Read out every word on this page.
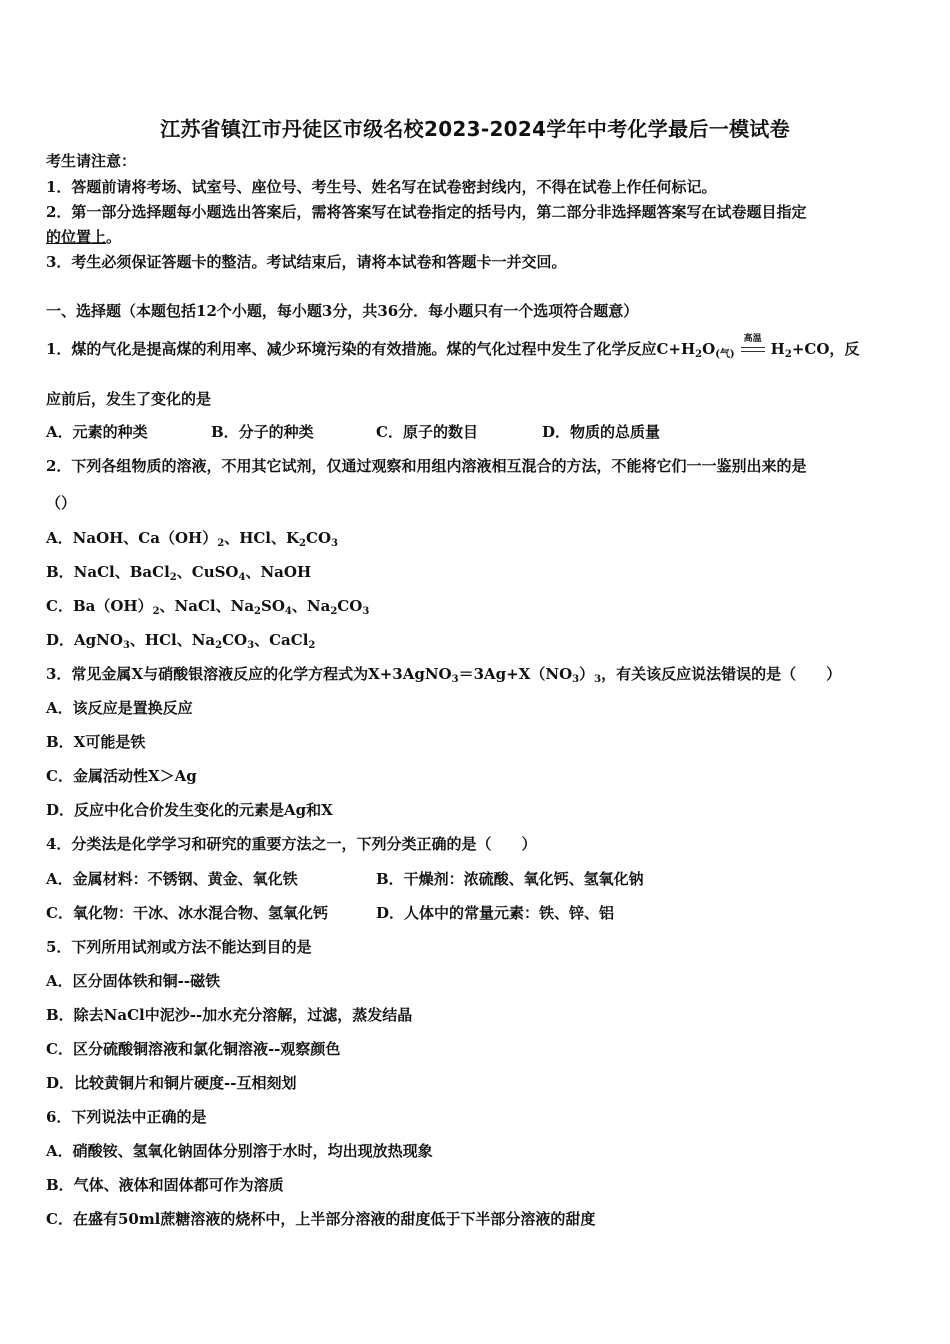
江苏省镇江市丹徒区市级名校2023-2024学年中考化学最后一模试卷
考生请注意：
1．答题前请将考场、试室号、座位号、考生号、姓名写在试卷密封线内，不得在试卷上作任何标记。
2．第一部分选择题每小题选出答案后，需将答案写在试卷指定的括号内，第二部分非选择题答案写在试卷题目指定
的位置上。
3．考生必须保证答题卡的整洁。考试结束后，请将本试卷和答题卡一并交回。
一、选择题（本题包括12个小题，每小题3分，共36分．每小题只有一个选项符合题意）
1．煤的气化是提高煤的利用率、减少环境污染的有效措施。煤的气化过程中发生了化学反应$C+H_2O_{(气)}$
高温
$H_2+CO$，反
应前后，发生了变化的是
A．元素的种类	B．分子的种类	C．原子的数目	D．物质的总质量
2．下列各组物质的溶液，不用其它试剂，仅通过观察和用组内溶液相互混合的方法，不能将它们一一鉴别出来的是
（）
A．NaOH、$Ca(OH)_2$、HCl、$K_2CO_3$
B．NaCl、BaCl$_2$、CuSO$_4$、NaOH
C．$Ba(OH)_2$、NaCl、$Na_2SO_4$、$Na_2CO_3$
D．AgNO$_3$、HCl、$Na_2CO_3$、CaCl$_2$
3．常见金属X与硝酸银溶液反应的化学方程式为$X+3AgNO_3=3Ag+X(NO_3)_3$，有关该反应说法错误的是（　　）
A．该反应是置换反应
B．X可能是铁
C．金属活动性X＞Ag
D．反应中化合价发生变化的元素是Ag和X
4．分类法是化学学习和研究的重要方法之一，下列分类正确的是（　　）
A．金属材料：不锈钢、黄金、氧化铁	B．干燥剂：浓硫酸、氧化钙、氢氧化钠
C．氧化物：干冰、冰水混合物、氢氧化钙	D．人体中的常量元素：铁、锌、铝
5．下列所用试剂或方法不能达到目的是
A．区分固体铁和铜--磁铁
B．除去NaCl中泥沙--加水充分溶解，过滤，蒸发结晶
C．区分硫酸铜溶液和氯化铜溶液--观察颜色
D．比较黄铜片和铜片硬度--互相刻划
6．下列说法中正确的是
A．硝酸铵、氢氧化钠固体分别溶于水时，均出现放热现象
B．气体、液体和固体都可作为溶质
C．在盛有50ml蔗糖溶液的烧杯中，上半部分溶液的甜度低于下半部分溶液的甜度
